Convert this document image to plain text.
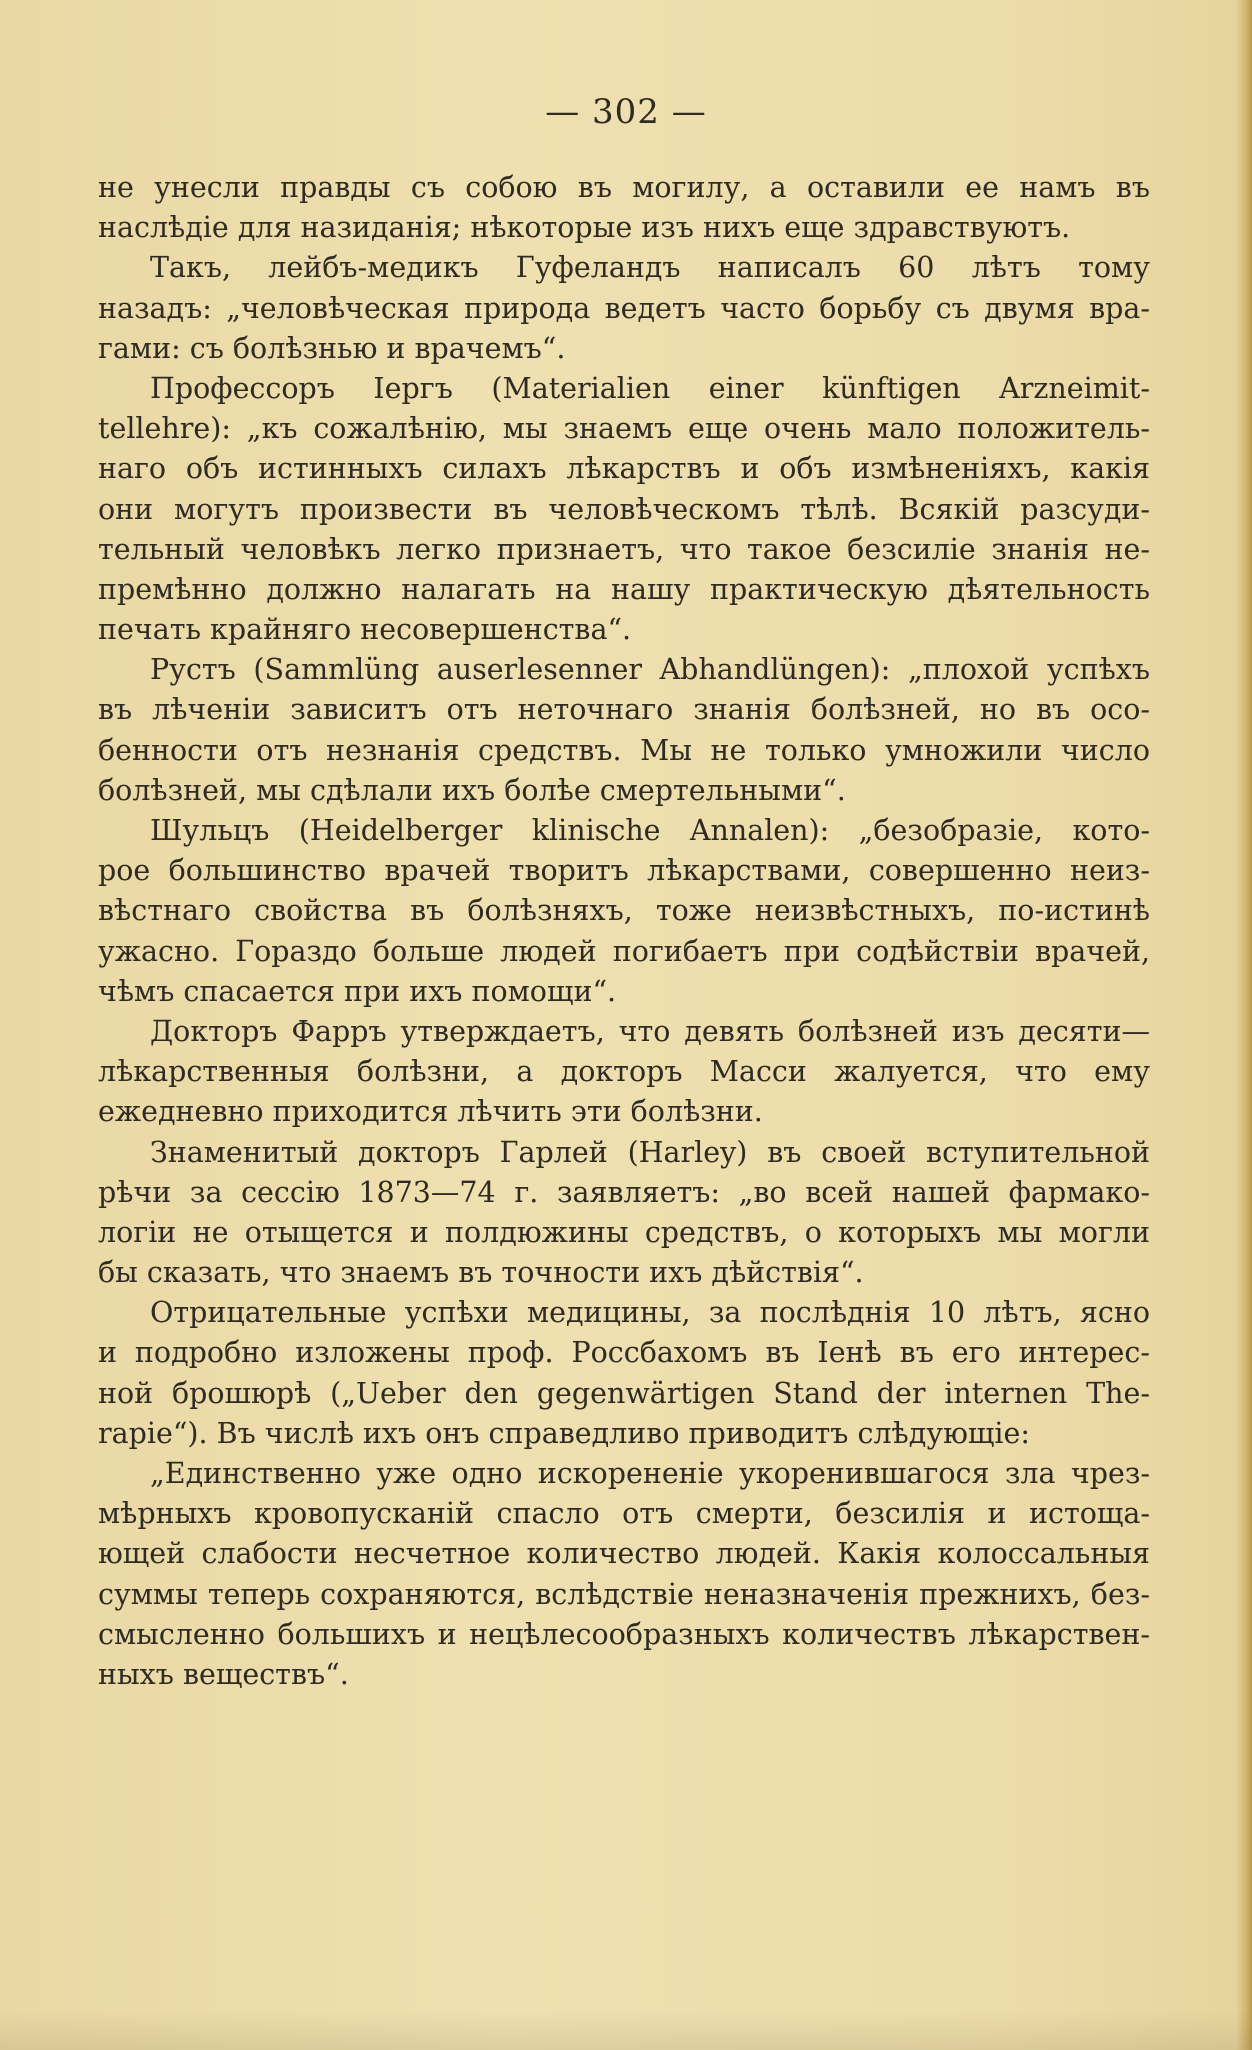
— 302 —
не унесли правды съ собою въ могилу, а оставили ее намъ въ
наслѣдіе для назиданія; нѣкоторые изъ нихъ еще здравствуютъ.
Такъ, лейбъ-медикъ Гуфеландъ написалъ 60 лѣтъ тому
назадъ: „человѣческая природа ведетъ часто борьбу съ двумя вра-
гами: съ болѣзнью и врачемъ“.
Профессоръ Іергъ (Materialien einer künftigen Arzneimit-
tellehre): „къ сожалѣнію, мы знаемъ еще очень мало положитель-
наго объ истинныхъ силахъ лѣкарствъ и объ измѣненіяхъ, какія
они могутъ произвести въ человѣческомъ тѣлѣ. Всякій разсуди-
тельный человѣкъ легко признаетъ, что такое безсиліе знанія не-
премѣнно должно налагать на нашу практическую дѣятельность
печать крайняго несовершенства“.
Рустъ (Sammlüng auserlesenner Abhandlüngen): „плохой успѣхъ
въ лѣченіи зависитъ отъ неточнаго знанія болѣзней, но въ осо-
бенности отъ незнанія средствъ. Мы не только умножили число
болѣзней, мы сдѣлали ихъ болѣе смертельными“.
Шульцъ (Heidelberger klinische Annalen): „безобразіе, кото-
рое большинство врачей творитъ лѣкарствами, совершенно неиз-
вѣстнаго свойства въ болѣзняхъ, тоже неизвѣстныхъ, по-истинѣ
ужасно. Гораздо больше людей погибаетъ при содѣйствіи врачей,
чѣмъ спасается при ихъ помощи“.
Докторъ Фарръ утверждаетъ, что девять болѣзней изъ десяти—
лѣкарственныя болѣзни, а докторъ Масси жалуется, что ему
ежедневно приходится лѣчить эти болѣзни.
Знаменитый докторъ Гарлей (Harley) въ своей вступительной
рѣчи за сессію 1873—74 г. заявляетъ: „во всей нашей фармако-
логіи не отыщется и полдюжины средствъ, о которыхъ мы могли
бы сказать, что знаемъ въ точности ихъ дѣйствія“.
Отрицательные успѣхи медицины, за послѣднія 10 лѣтъ, ясно
и подробно изложены проф. Россбахомъ въ Іенѣ въ его интерес-
ной брошюрѣ („Ueber den gegenwärtigen Stand der internen The-
rapie“). Въ числѣ ихъ онъ справедливо приводитъ слѣдующіе:
„Единственно уже одно искорененіе укоренившагося зла чрез-
мѣрныхъ кровопусканій спасло отъ смерти, безсилія и истоща-
ющей слабости несчетное количество людей. Какія колоссальныя
суммы теперь сохраняются, вслѣдствіе неназначенія прежнихъ, без-
смысленно большихъ и нецѣлесообразныхъ количествъ лѣкарствен-
ныхъ веществъ“.
